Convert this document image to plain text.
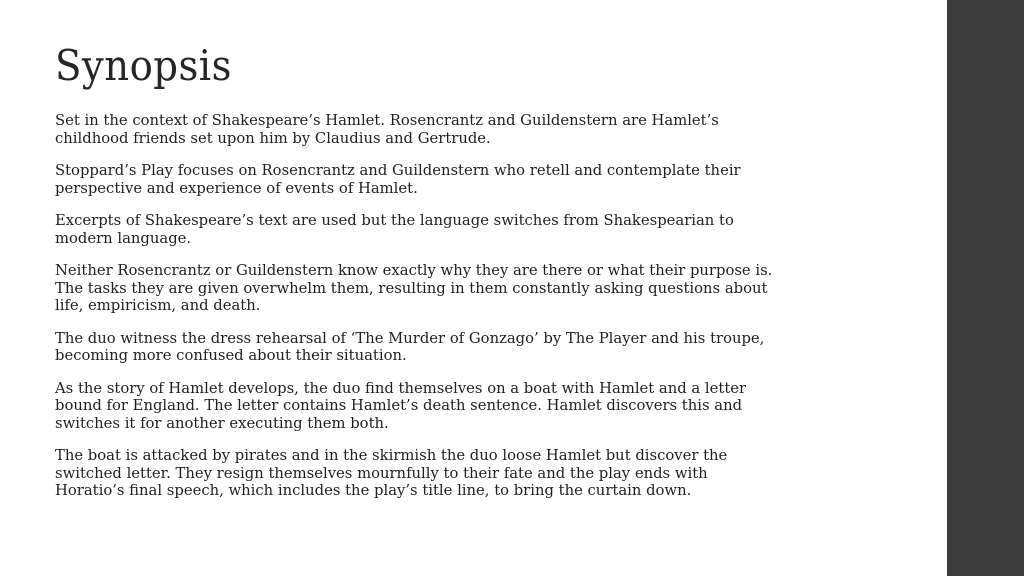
Synopsis

Set in the context of Shakespeare’s Hamlet. Rosencrantz and Guildenstern are Hamlet’s
childhood friends set upon him by Claudius and Gertrude.

Stoppard’s Play focuses on Rosencrantz and Guildenstern who retell and contemplate their
perspective and experience of events of Hamlet.

Excerpts of Shakespeare’s text are used but the language switches from Shakespearian to
modern language.

Neither Rosencrantz or Guildenstern know exactly why they are there or what their purpose is.
The tasks they are given overwhelm them, resulting in them constantly asking questions about
life, empiricism, and death.

The duo witness the dress rehearsal of ‘The Murder of Gonzago’ by The Player and his troupe,
becoming more confused about their situation.

As the story of Hamlet develops, the duo find themselves on a boat with Hamlet and a letter
bound for England. The letter contains Hamlet’s death sentence. Hamlet discovers this and
switches it for another executing them both.

The boat is attacked by pirates and in the skirmish the duo loose Hamlet but discover the
switched letter. They resign themselves mournfully to their fate and the play ends with
Horatio’s final speech, which includes the play’s title line, to bring the curtain down.
